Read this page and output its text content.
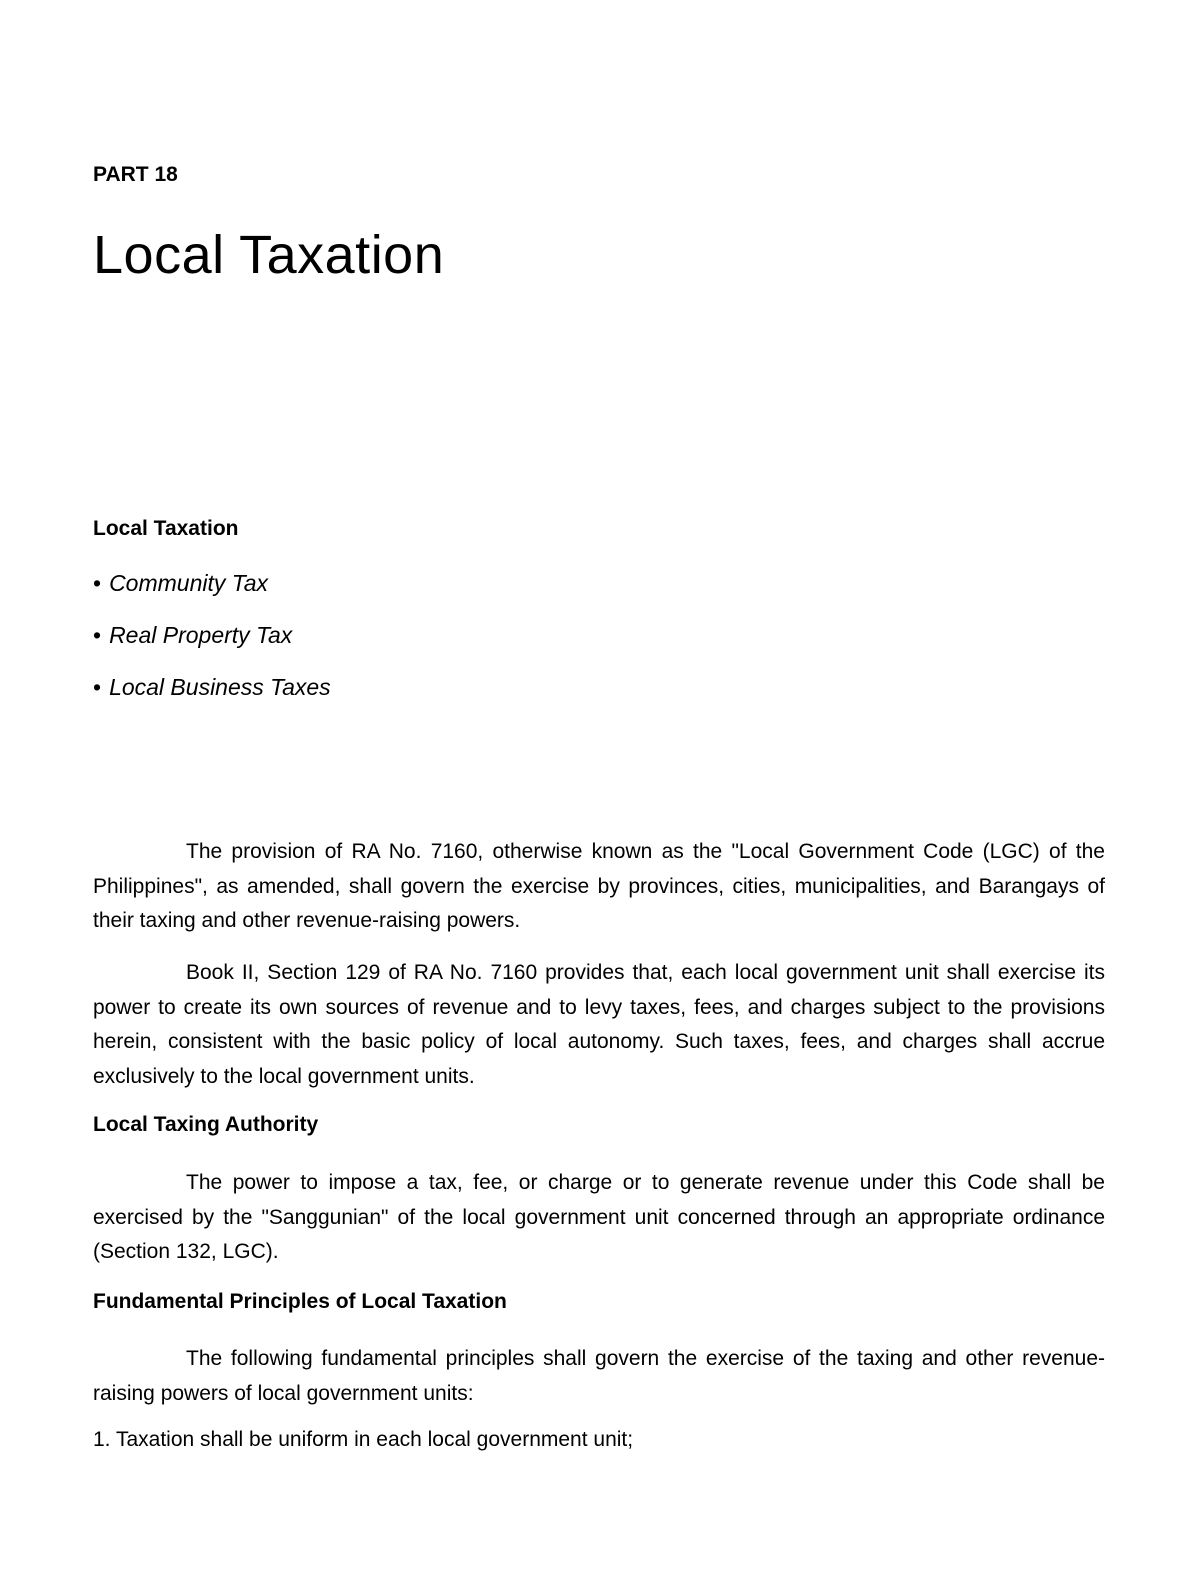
PART 18
Local Taxation
Local Taxation
• Community Tax
• Real Property Tax
• Local Business Taxes

The provision of RA No. 7160, otherwise known as the "Local Government Code (LGC) of the Philippines", as amended, shall govern the exercise by provinces, cities, municipalities, and Barangays of their taxing and other revenue-raising powers.

Book II, Section 129 of RA No. 7160 provides that, each local government unit shall exercise its power to create its own sources of revenue and to levy taxes, fees, and charges subject to the provisions herein, consistent with the basic policy of local autonomy. Such taxes, fees, and charges shall accrue exclusively to the local government units.

Local Taxing Authority

The power to impose a tax, fee, or charge or to generate revenue under this Code shall be exercised by the "Sanggunian" of the local government unit concerned through an appropriate ordinance (Section 132, LGC).

Fundamental Principles of Local Taxation

The following fundamental principles shall govern the exercise of the taxing and other revenue-raising powers of local government units:

1. Taxation shall be uniform in each local government unit;
